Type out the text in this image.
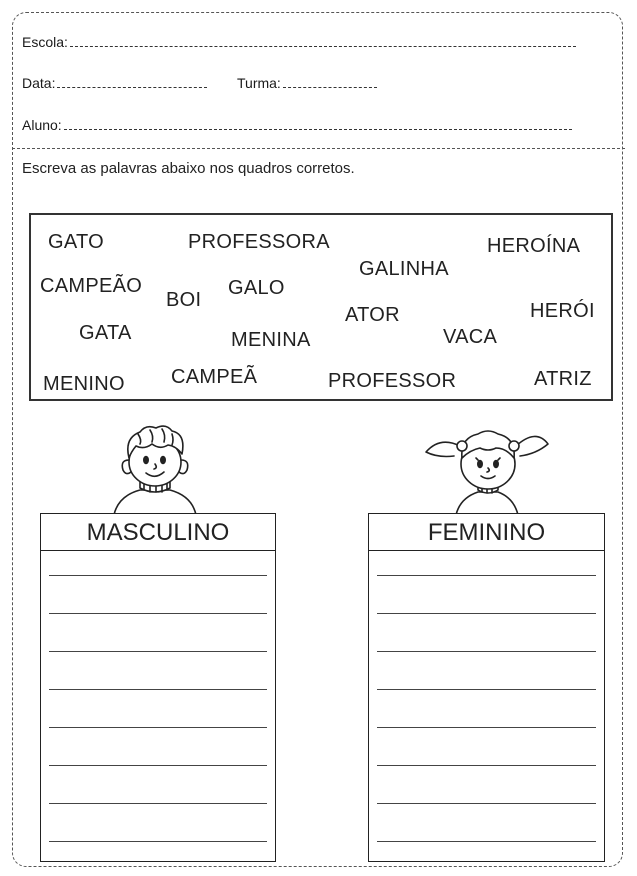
Escola:
Data:	Turma:
Aluno:
Escreva as palavras abaixo nos quadros corretos.
GATO	PROFESSORA	HEROÍNA
GALINHA
CAMPEÃO
BOI
GALO
HERÓI
ATOR
GATA	MENINA	VACA
MENINO CAMPEÃ	PROFESSOR	ATRIZ
MASCULINO	FEMININO
